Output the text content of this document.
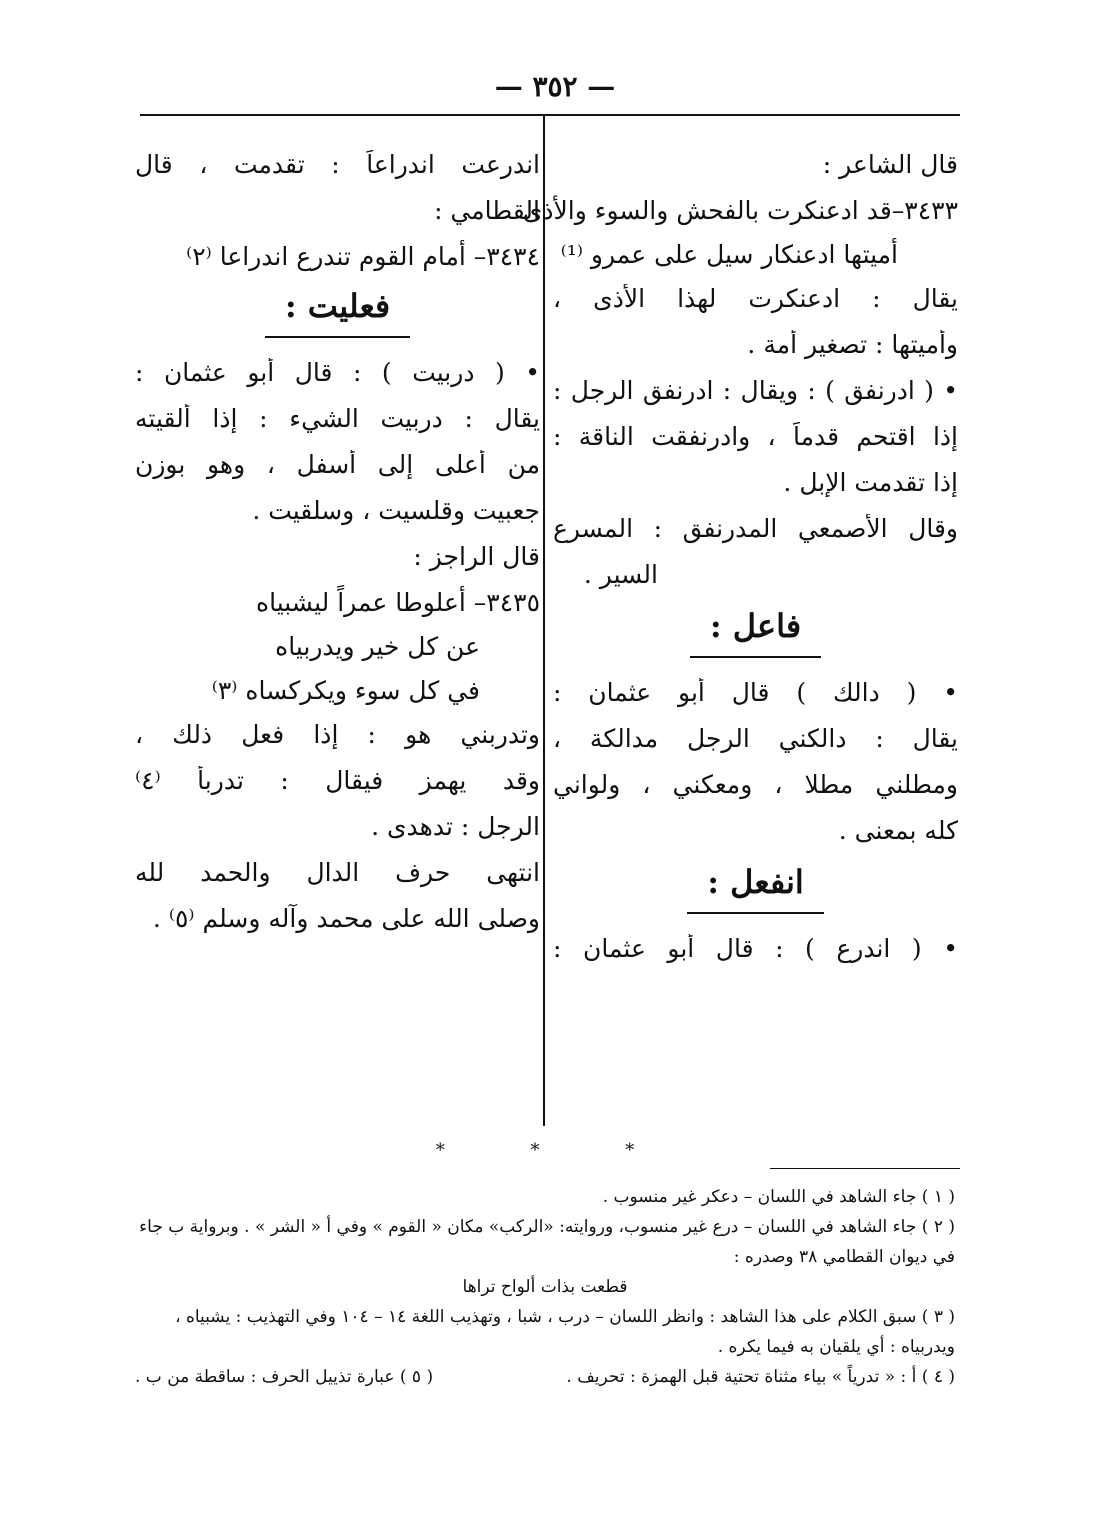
— ٣٥٢ —
قال الشاعر :
٣٤٣٣–قد ادعنكرت بالفحش والسوء والأذى
أميتها ادعنكار سيل على عمرو ⁽¹⁾
يقال : ادعنكرت لهذا الأذى ،
وأميتها : تصغير أمة .
• ( ادرنفق ) : ويقال : ادرنفق الرجل :
إذا اقتحم قدماً ، وادرنفقت الناقة :
إذا تقدمت الإبل .
وقال الأصمعي المدرنفق : المسرع
السير .
فاعل :
• ( دالك ) قال أبو عثمان :
يقال : دالكني الرجل مدالكة ،
ومطلني مطلا ، ومعكني ، ولواني
كله بمعنى .
انفعل :
• ( اندرع ) : قال أبو عثمان :
اندرعت اندراعاً : تقدمت ، قال
القطامي :
٣٤٣٤– أمام القوم تندرع اندراعا ⁽٢⁾
فعليت :
• ( دربيت ) : قال أبو عثمان :
يقال : دربيت الشيء : إذا ألقيته
من أعلى إلى أسفل ، وهو بوزن
جعبيت وقلسيت ، وسلقيت .
قال الراجز :
٣٤٣٥– أعلوطا عمراً ليشبياه
عن كل خير ويدربياه
في كل سوء ويكركساه ⁽٣⁾
وتدربني هو : إذا فعل ذلك ،
وقد يهمز فيقال : تدربأ ⁽٤⁾
الرجل : تدهدى .
انتهى حرف الدال والحمد لله
وصلى الله على محمد وآله وسلم ⁽٥⁾ .
* * *
( ١ ) جاء الشاهد في اللسان – دعكر غير منسوب .
( ٢ ) جاء الشاهد في اللسان – درع غير منسوب، وروايته: «الركب» مكان « القوم » وفي أ « الشر » . وبرواية ب جاء
في ديوان القطامي ٣٨ وصدره :
قطعت بذات ألواح تراها
( ٣ ) سبق الكلام على هذا الشاهد : وانظر اللسان – درب ، شبا ، وتهذيب اللغة ١٤ – ١٠٤ وفي التهذيب : يشبياه ،
ويدربياه : أي يلقيان به فيما يكره .
( ٤ ) أ : « تدرياً » بياء مثناة تحتية قبل الهمزة : تحريف .
( ٥ ) عبارة تذييل الحرف : ساقطة من ب .
